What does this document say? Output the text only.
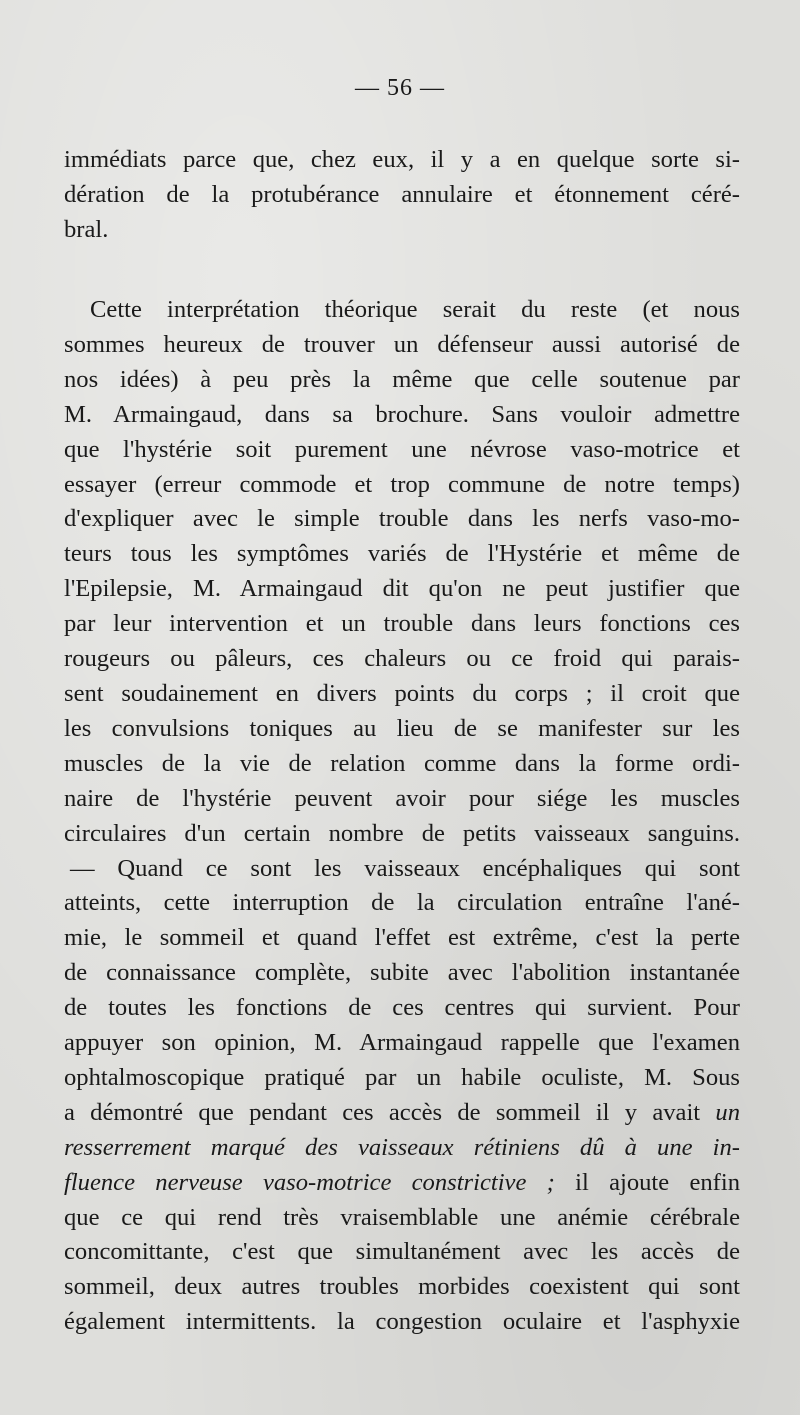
— 56 —
immédiats parce que, chez eux, il y a en quelque sorte si-
dération de la protubérance annulaire et étonnement céré-
bral.
Cette interprétation théorique serait du reste (et nous
sommes heureux de trouver un défenseur aussi autorisé de
nos idées) à peu près la même que celle soutenue par
M. Armaingaud, dans sa brochure. Sans vouloir admettre
que l'hystérie soit purement une névrose vaso-motrice et
essayer (erreur commode et trop commune de notre temps)
d'expliquer avec le simple trouble dans les nerfs vaso-mo-
teurs tous les symptômes variés de l'Hystérie et même de
l'Epilepsie, M. Armaingaud dit qu'on ne peut justifier que
par leur intervention et un trouble dans leurs fonctions ces
rougeurs ou pâleurs, ces chaleurs ou ce froid qui parais-
sent soudainement en divers points du corps ; il croit que
les convulsions toniques au lieu de se manifester sur les
muscles de la vie de relation comme dans la forme ordi-
naire de l'hystérie peuvent avoir pour siége les muscles
circulaires d'un certain nombre de petits vaisseaux sanguins.
— Quand ce sont les vaisseaux encéphaliques qui sont
atteints, cette interruption de la circulation entraîne l'ané-
mie, le sommeil et quand l'effet est extrême, c'est la perte
de connaissance complète, subite avec l'abolition instantanée
de toutes les fonctions de ces centres qui survient. Pour
appuyer son opinion, M. Armaingaud rappelle que l'examen
ophtalmoscopique pratiqué par un habile oculiste, M. Sous
a démontré que pendant ces accès de sommeil il y avait un
resserrement marqué des vaisseaux rétiniens dû à une in-
fluence nerveuse vaso-motrice constrictive ; il ajoute enfin
que ce qui rend très vraisemblable une anémie cérébrale
concomittante, c'est que simultanément avec les accès de
sommeil, deux autres troubles morbides coexistent qui sont
également intermittents. la congestion oculaire et l'asphyxie
